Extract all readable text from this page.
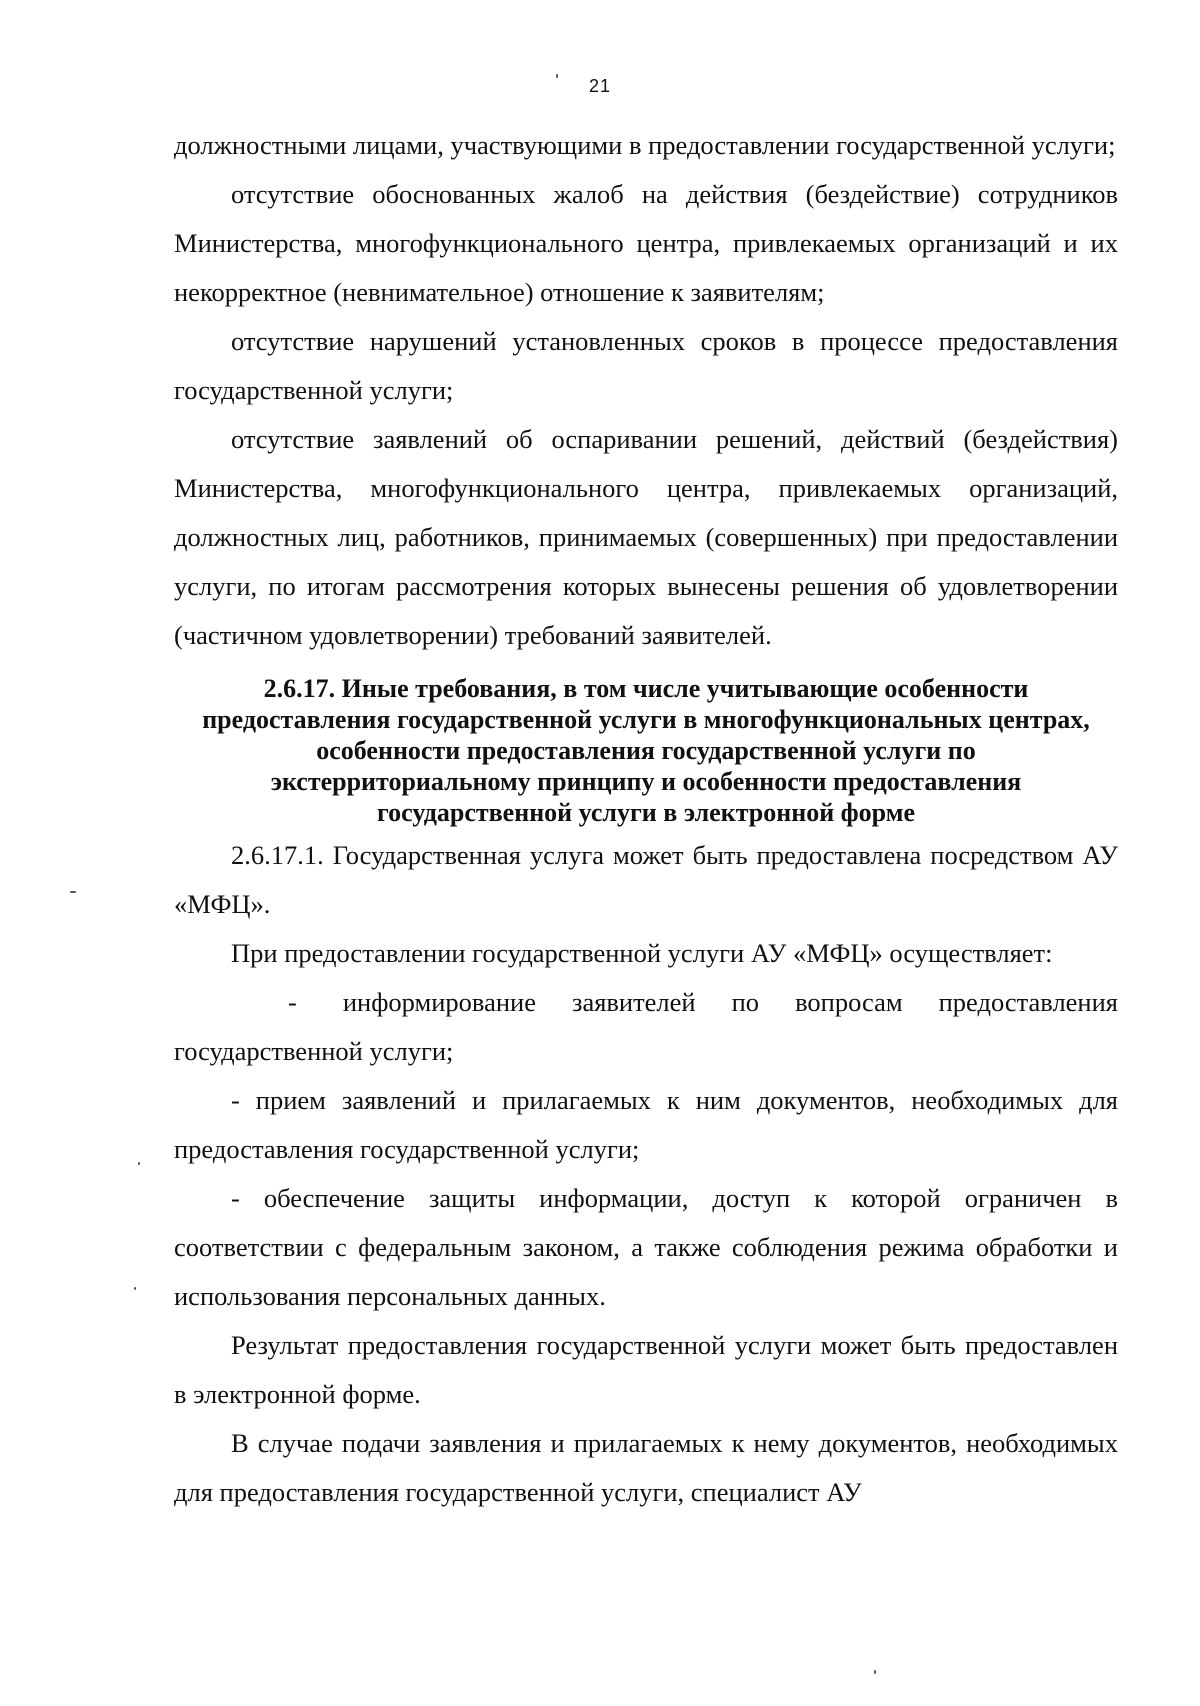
21

должностными лицами, участвующими в предоставлении государственной услуги;

отсутствие обоснованных жалоб на действия (бездействие) сотрудников Министерства, многофункционального центра, привлекаемых организаций и их некорректное (невнимательное) отношение к заявителям;

отсутствие нарушений установленных сроков в процессе предоставления государственной услуги;

отсутствие заявлений об оспаривании решений, действий (бездействия) Министерства, многофункционального центра, привлекаемых организаций, должностных лиц, работников, принимаемых (совершенных) при предоставлении услуги, по итогам рассмотрения которых вынесены решения об удовлетворении (частичном удовлетворении) требований заявителей.

2.6.17. Иные требования, в том числе учитывающие особенности предоставления государственной услуги в многофункциональных центрах, особенности предоставления государственной услуги по экстерриториальному принципу и особенности предоставления государственной услуги в электронной форме

2.6.17.1. Государственная услуга может быть предоставлена посредством АУ «МФЦ».

При предоставлении государственной услуги АУ «МФЦ» осуществляет:

- информирование заявителей по вопросам предоставления государственной услуги;

- прием заявлений и прилагаемых к ним документов, необходимых для предоставления государственной услуги;

- обеспечение защиты информации, доступ к которой ограничен в соответствии с федеральным законом, а также соблюдения режима обработки и использования персональных данных.

Результат предоставления государственной услуги может быть предоставлен в электронной форме.

В случае подачи заявления и прилагаемых к нему документов, необходимых для предоставления государственной услуги, специалист АУ
